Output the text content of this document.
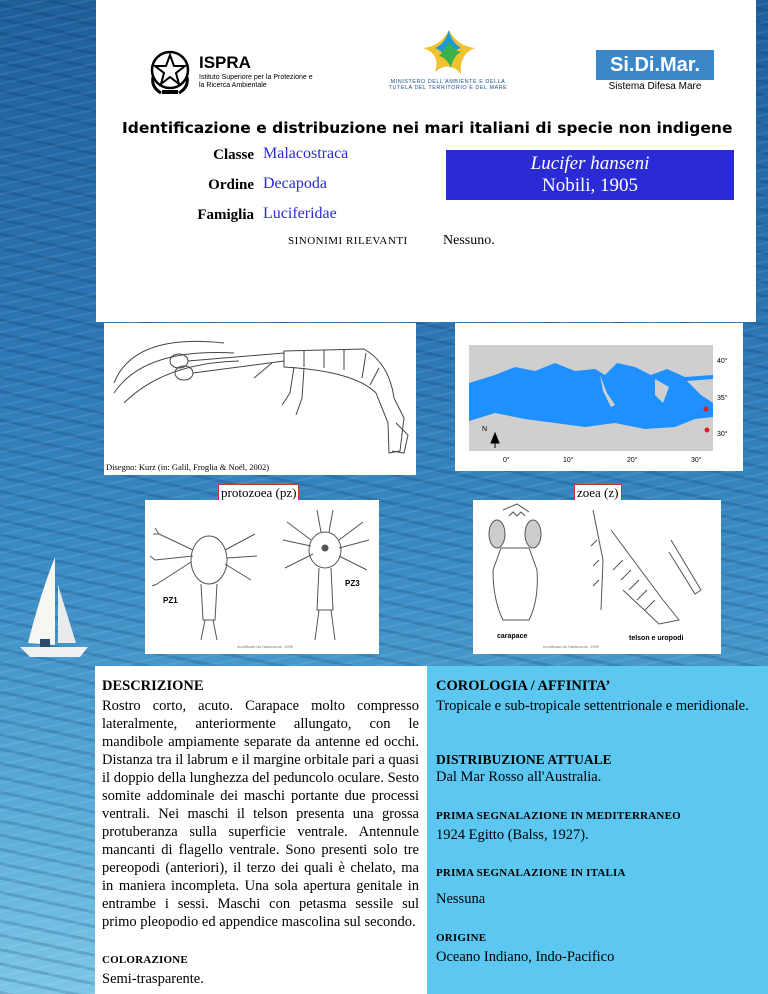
ISPRA
Istituto Superiore per la Protezione e la Ricerca Ambientale	MINISTERO DELL'AMBIENTE E DELLA TUTELA DEL TERRITORIO E DEL MARE
Si.Di.Mar.
Sistema Difesa Mare
Identificazione e distribuzione nei mari italiani di specie non indigene
Classe Malacostraca
Ordine Decapoda
Famiglia Luciferidae
Lucifer hanseni
Nobili, 1905
SINONIMI RILEVANTI	Nessuno.
Disegno: Kurz (in: Galil, Froglia & Noël, 2002)
N
40°
35°
30°
0°	10°	20°	30°
protozoea (pz)	zoea (z)
PZ1
PZ3
modificato da Hashizume, 1999
carapace	telson e uropodi
modificato da Hashizume, 1999
DESCRIZIONE
Rostro corto, acuto. Carapace molto compresso lateralmente, anteriormente allungato, con le mandibole ampiamente separate da antenne ed occhi. Distanza tra il labrum e il margine orbitale pari a quasi il doppio della lunghezza del peduncolo oculare. Sesto somite addominale dei maschi portante due processi ventrali. Nei maschi il telson presenta una grossa protuberanza sulla superficie ventrale. Antennule mancanti di flagello ventrale. Sono presenti solo tre pereopodi (anteriori), il terzo dei quali è chelato, ma in maniera incompleta. Una sola apertura genitale in entrambe i sessi. Maschi con petasma sessile sul primo pleopodio ed appendice mascolina sul secondo.
COLORAZIONE
Semi-trasparente.
COROLOGIA / AFFINITA’
Tropicale e sub-tropicale settentrionale e meridionale.
DISTRIBUZIONE ATTUALE
Dal Mar Rosso all'Australia.
PRIMA SEGNALAZIONE IN MEDITERRANEO
1924 Egitto (Balss, 1927).
PRIMA SEGNALAZIONE IN ITALIA
Nessuna
ORIGINE
Oceano Indiano, Indo-Pacifico
